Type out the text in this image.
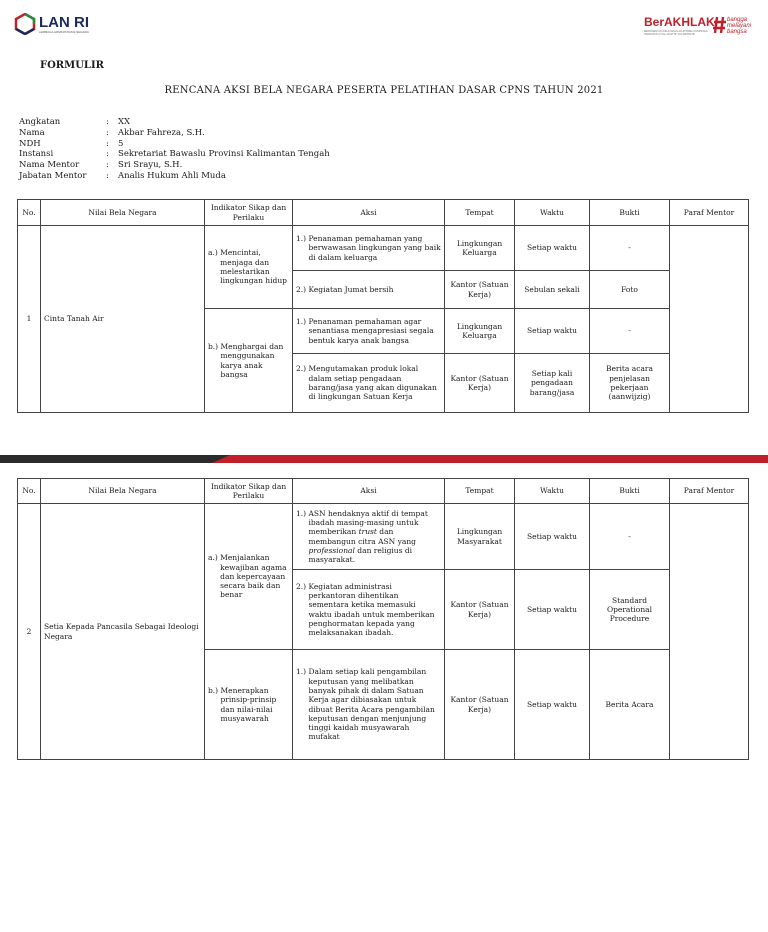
LAN RI
LEMBAGA ADMINISTRASI NEGARA
BerAKHLAK
BERORIENTASI PELAYANAN AKUNTABEL KOMPETEN HARMONIS LOYAL ADAPTIF KOLABORATIF
bangga melayani bangsa
FORMULIR
RENCANA AKSI BELA NEGARA PESERTA PELATIHAN DASAR CPNS TAHUN 2021
Angkatan	:	XX
Nama	:	Akbar Fahreza, S.H.
NDH	:	5
Instansi	:	Sekretariat Bawaslu Provinsi Kalimantan Tengah
Nama Mentor	:	Sri Srayu, S.H.
Jabatan Mentor	:	Analis Hukum Ahli Muda
No.	Nilai Bela Negara	Indikator Sikap dan Perilaku	Aksi	Tempat	Waktu	Bukti	Paraf Mentor
1	Cinta Tanah Air	a.) Mencintai, menjaga dan melestarikan lingkungan hidup	1.) Penanaman pemahaman yang berwawasan lingkungan yang baik di dalam keluarga	Lingkungan Keluarga	Setiap waktu	-	

			2.) Kegiatan Jumat bersih	Kantor (Satuan Kerja)	Sebulan sekali	Foto	

		b.) Menghargai dan menggunakan karya anak bangsa	1.) Penanaman pemahaman agar senantiasa mengapresiasi segala bentuk karya anak bangsa	Lingkungan Keluarga	Setiap waktu	-	

			2.) Mengutamakan produk lokal dalam setiap pengadaan barang/jasa yang akan digunakan di lingkungan Satuan Kerja	Kantor (Satuan Kerja)	Setiap kali pengadaan barang/jasa	Berita acara penjelasan pekerjaan (aanwijzig)	
No.	Nilai Bela Negara	Indikator Sikap dan Perilaku	Aksi	Tempat	Waktu	Bukti	Paraf Mentor
2	Setia Kepada Pancasila Sebagai Ideologi Negara	a.) Menjalankan kewajiban agama dan kepercayaan secara baik dan benar	1.) ASN hendaknya aktif di tempat ibadah masing-masing untuk memberikan trust dan membangun citra ASN yang professional dan religius di masyarakat.	Lingkungan Masyarakat	Setiap waktu	-	

			2.) Kegiatan administrasi perkantoran dihentikan sementara ketika memasuki waktu ibadah untuk memberikan penghormatan kepada yang melaksanakan ibadah.	Kantor (Satuan Kerja)	Setiap waktu	Standard Operational Procedure	

		b.) Menerapkan prinsip-prinsip dan nilai-nilai musyawarah	1.) Dalam setiap kali pengambilan keputusan yang melibatkan banyak pihak di dalam Satuan Kerja agar dibiasakan untuk dibuat Berita Acara pengambilan keputusan dengan menjunjung tinggi kaidah musyawarah mufakat	Kantor (Satuan Kerja)	Setiap waktu	Berita Acara	
